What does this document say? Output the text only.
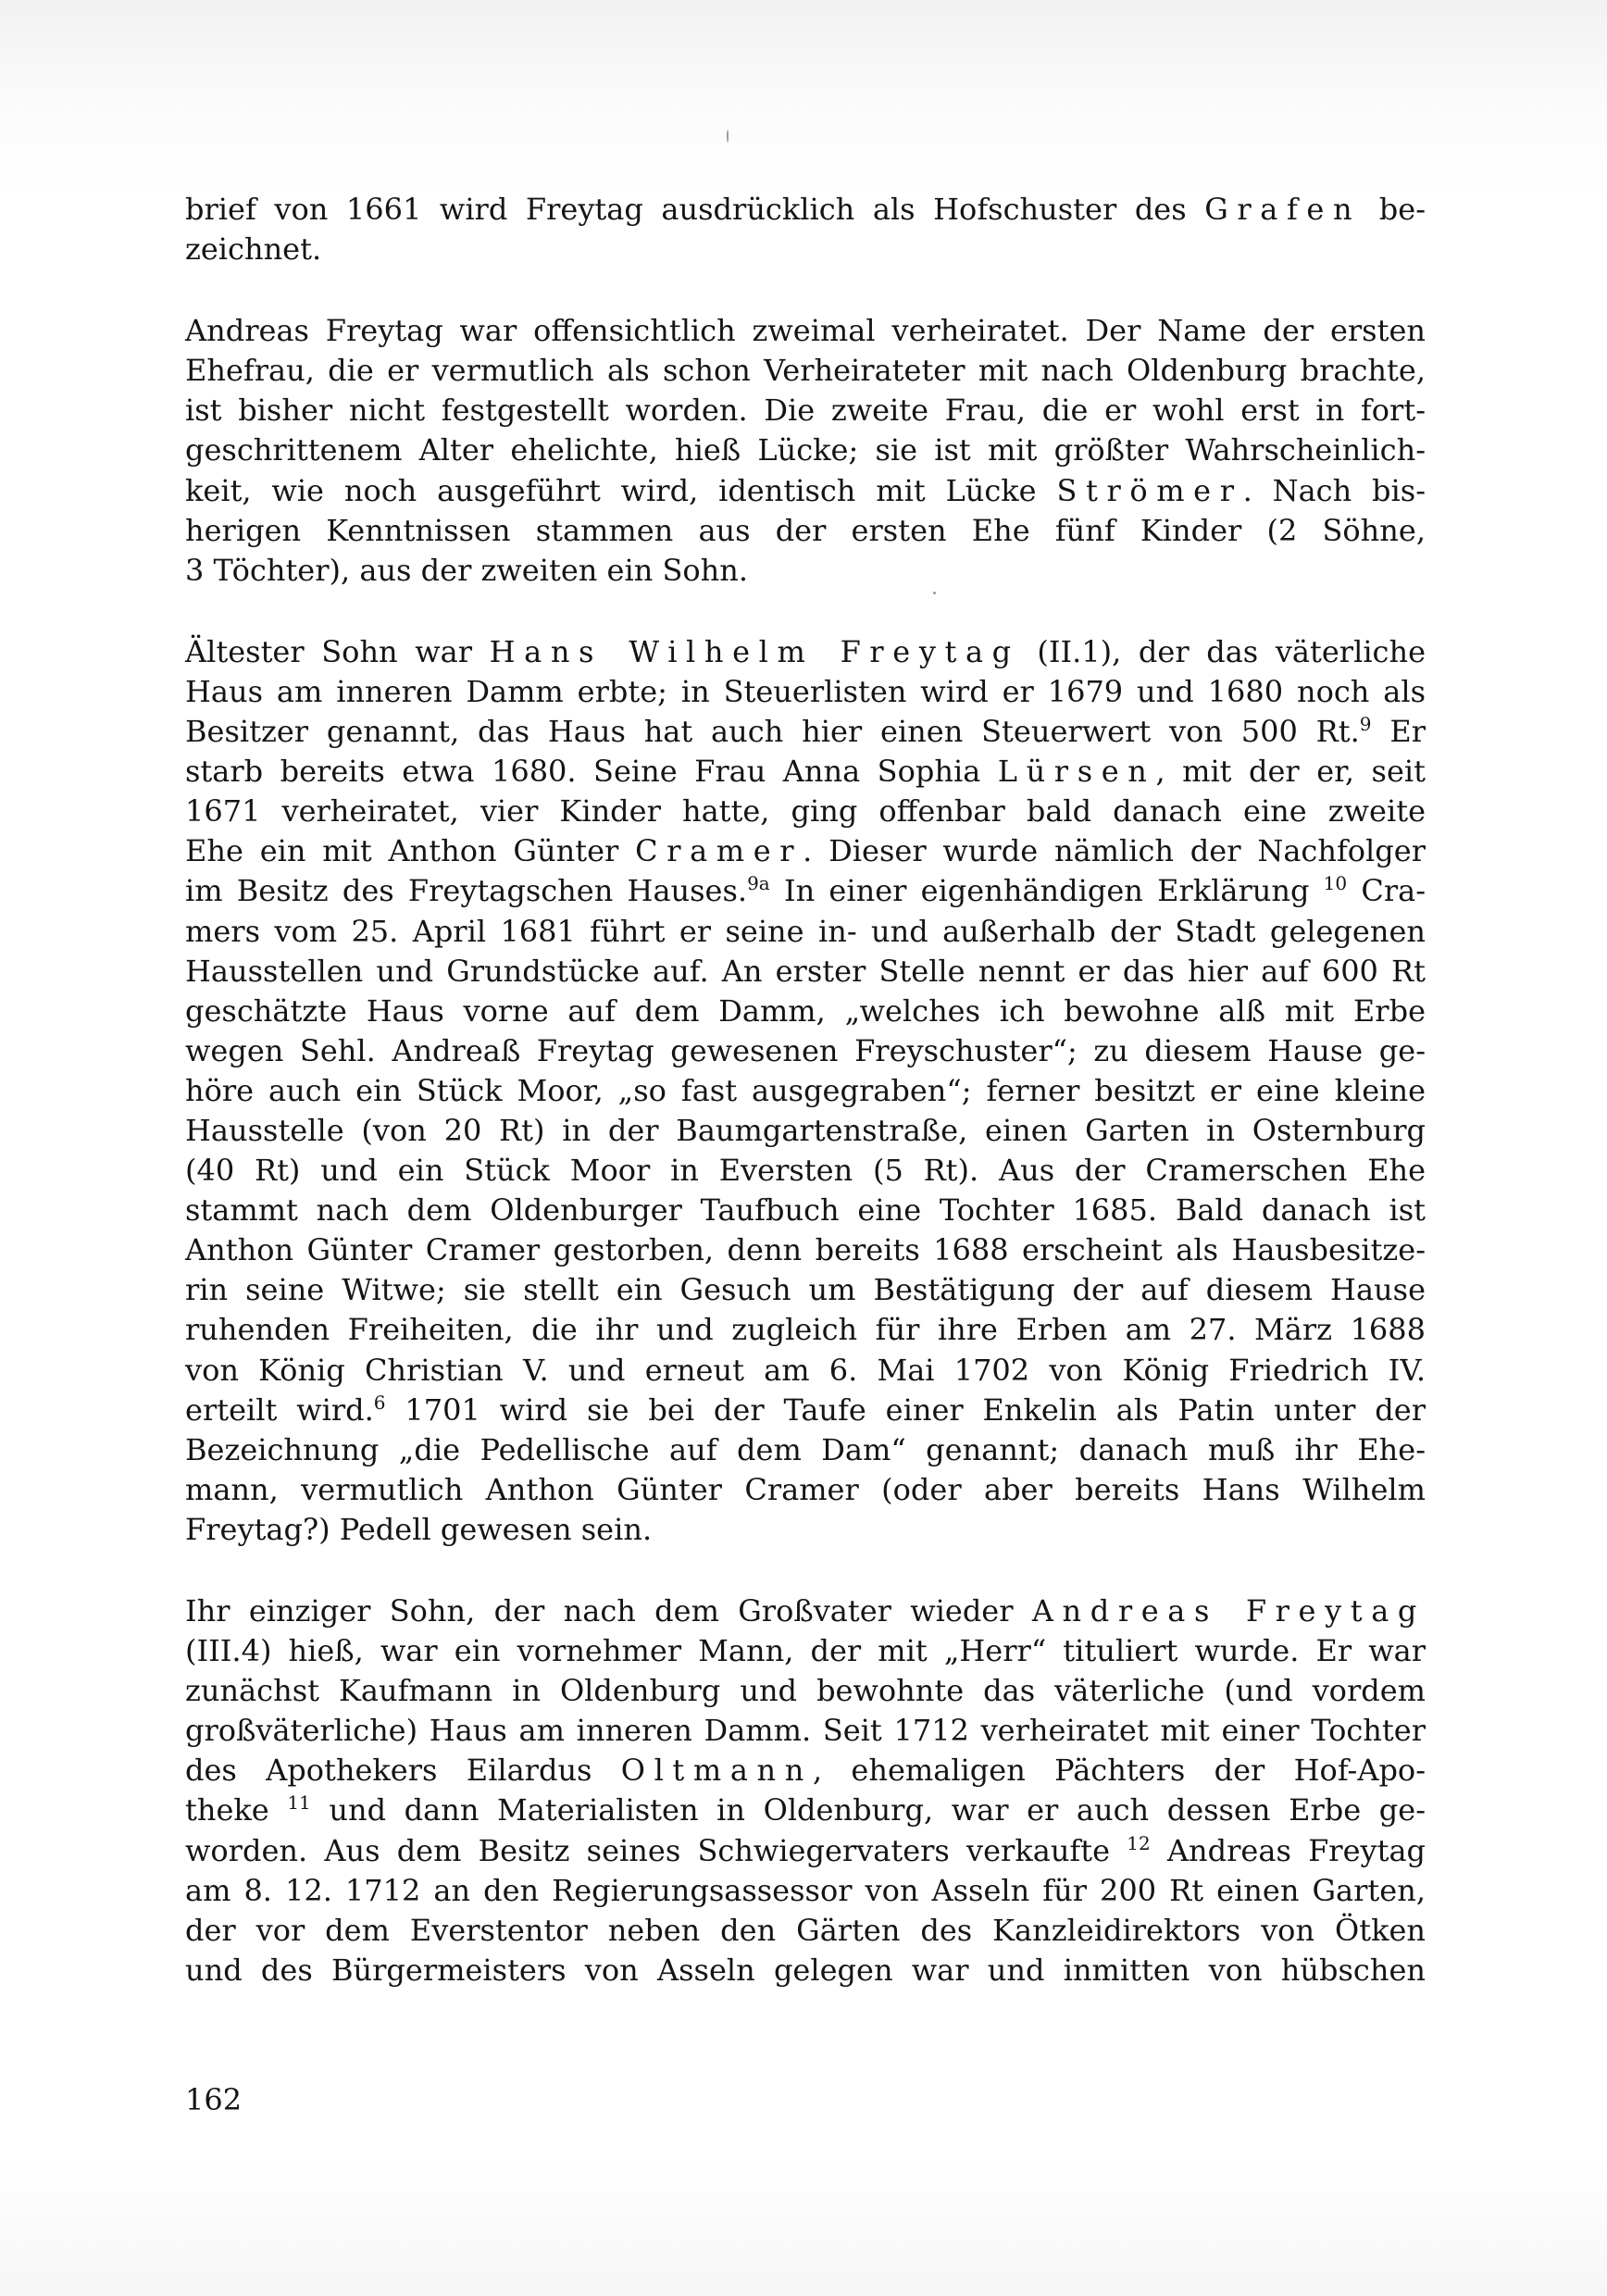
brief von 1661 wird Freytag ausdrücklich als Hofschuster des Grafen be-
zeichnet.
Andreas Freytag war offensichtlich zweimal verheiratet. Der Name der ersten
Ehefrau, die er vermutlich als schon Verheirateter mit nach Oldenburg brachte,
ist bisher nicht festgestellt worden. Die zweite Frau, die er wohl erst in fort-
geschrittenem Alter ehelichte, hieß Lücke; sie ist mit größter Wahrscheinlich-
keit, wie noch ausgeführt wird, identisch mit Lücke Strömer. Nach bis-
herigen Kenntnissen stammen aus der ersten Ehe fünf Kinder (2 Söhne,
3 Töchter), aus der zweiten ein Sohn.
Ältester Sohn war Hans Wilhelm Freytag (II.1), der das väterliche
Haus am inneren Damm erbte; in Steuerlisten wird er 1679 und 1680 noch als
Besitzer genannt, das Haus hat auch hier einen Steuerwert von 500 Rt.$^9$ Er
starb bereits etwa 1680. Seine Frau Anna Sophia Lürsen, mit der er, seit
1671 verheiratet, vier Kinder hatte, ging offenbar bald danach eine zweite
Ehe ein mit Anthon Günter Cramer. Dieser wurde nämlich der Nachfolger
im Besitz des Freytagschen Hauses.$^{9a}$ In einer eigenhändigen Erklärung $^{10}$ Cra-
mers vom 25. April 1681 führt er seine in- und außerhalb der Stadt gelegenen
Hausstellen und Grundstücke auf. An erster Stelle nennt er das hier auf 600 Rt
geschätzte Haus vorne auf dem Damm, „welches ich bewohne alß mit Erbe
wegen Sehl. Andreaß Freytag gewesenen Freyschuster“; zu diesem Hause ge-
höre auch ein Stück Moor, „so fast ausgegraben“; ferner besitzt er eine kleine
Hausstelle (von 20 Rt) in der Baumgartenstraße, einen Garten in Osternburg
(40 Rt) und ein Stück Moor in Eversten (5 Rt). Aus der Cramerschen Ehe
stammt nach dem Oldenburger Taufbuch eine Tochter 1685. Bald danach ist
Anthon Günter Cramer gestorben, denn bereits 1688 erscheint als Hausbesitze-
rin seine Witwe; sie stellt ein Gesuch um Bestätigung der auf diesem Hause
ruhenden Freiheiten, die ihr und zugleich für ihre Erben am 27. März 1688
von König Christian V. und erneut am 6. Mai 1702 von König Friedrich IV.
erteilt wird.$^6$ 1701 wird sie bei der Taufe einer Enkelin als Patin unter der
Bezeichnung „die Pedellische auf dem Dam“ genannt; danach muß ihr Ehe-
mann, vermutlich Anthon Günter Cramer (oder aber bereits Hans Wilhelm
Freytag?) Pedell gewesen sein.
Ihr einziger Sohn, der nach dem Großvater wieder Andreas Freytag
(III.4) hieß, war ein vornehmer Mann, der mit „Herr“ tituliert wurde. Er war
zunächst Kaufmann in Oldenburg und bewohnte das väterliche (und vordem
großväterliche) Haus am inneren Damm. Seit 1712 verheiratet mit einer Tochter
des Apothekers Eilardus Oltmann, ehemaligen Pächters der Hof-Apo-
theke $^{11}$ und dann Materialisten in Oldenburg, war er auch dessen Erbe ge-
worden. Aus dem Besitz seines Schwiegervaters verkaufte $^{12}$ Andreas Freytag
am 8. 12. 1712 an den Regierungsassessor von Asseln für 200 Rt einen Garten,
der vor dem Everstentor neben den Gärten des Kanzleidirektors von Ötken
und des Bürgermeisters von Asseln gelegen war und inmitten von hübschen
162
